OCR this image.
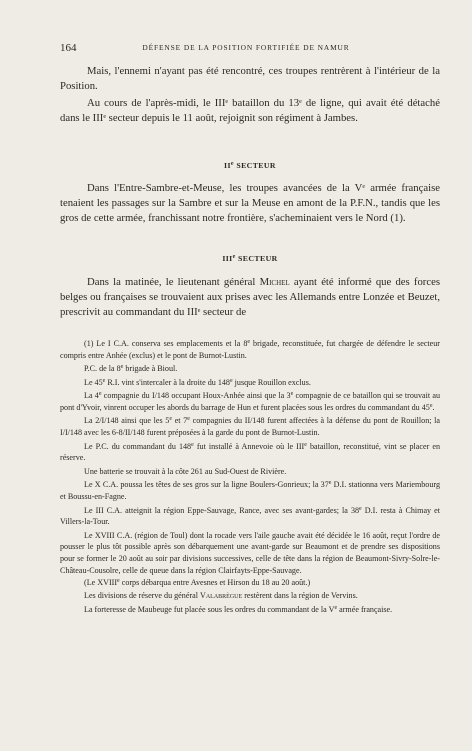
164	DÉFENSE DE LA POSITION FORTIFIÉE DE NAMUR

Mais, l'ennemi n'ayant pas été rencontré, ces troupes rentrèrent à l'intérieur de la Position.

Au cours de l'après-midi, le IIIe bataillon du 13e de ligne, qui avait été détaché dans le IIIe secteur depuis le 11 août, rejoignit son régiment à Jambes.

IIe SECTEUR

Dans l'Entre-Sambre-et-Meuse, les troupes avancées de la Ve armée française tenaient les passages sur la Sambre et sur la Meuse en amont de la P.F.N., tandis que les gros de cette armée, franchissant notre frontière, s'acheminaient vers le Nord (1).

IIIe SECTEUR

Dans la matinée, le lieutenant général Michel ayant été informé que des forces belges ou françaises se trouvaient aux prises avec les Allemands entre Lonzée et Beuzet, prescrivit au commandant du IIIe secteur de

(1) Le I C.A. conserva ses emplacements et la 8e brigade, reconstituée, fut chargée de défendre le secteur compris entre Anhée (exclus) et le pont de Burnot-Lustin.

P.C. de la 8e brigade à Bioul.

Le 45e R.I. vint s'intercaler à la droite du 148e jusque Rouillon exclus.

La 4e compagnie du I/148 occupant Houx-Anhée ainsi que la 3e compagnie de ce bataillon qui se trouvait au pont d'Yvoir, vinrent occuper les abords du barrage de Hun et furent placées sous les ordres du commandant du 45e.

La 2/I/148 ainsi que les 5e et 7e compagnies du II/148 furent affectées à la défense du pont de Rouillon; la I/I/148 avec les 6-8/II/148 furent préposées à la garde du pont de Burnot-Lustin.

Le P.C. du commandant du 148e fut installé à Annevoie où le IIIe bataillon, reconstitué, vint se placer en réserve.

Une batterie se trouvait à la côte 261 au Sud-Ouest de Rivière.

Le X C.A. poussa les têtes de ses gros sur la ligne Boulers-Gonrieux; la 37e D.I. stationna vers Mariembourg et Boussu-en-Fagne.

Le III C.A. atteignit la région Eppe-Sauvage, Rance, avec ses avant-gardes; la 38e D.I. resta à Chimay et Villers-la-Tour.

Le XVIII C.A. (région de Toul) dont la rocade vers l'aile gauche avait été décidée le 16 août, reçut l'ordre de pousser le plus tôt possible après son débarquement une avant-garde sur Beaumont et de prendre ses dispositions pour se former le 20 août au soir par divisions successives, celle de tête dans la région de Beaumont-Sivry-Solre-le-Château-Cousolre, celle de queue dans la région Clairfayts-Eppe-Sauvage.

(Le XVIIIe corps débarqua entre Avesnes et Hirson du 18 au 20 août.)

Les divisions de réserve du général Valabrègue restèrent dans la région de Vervins.

La forteresse de Maubeuge fut placée sous les ordres du commandant de la Ve armée française.
